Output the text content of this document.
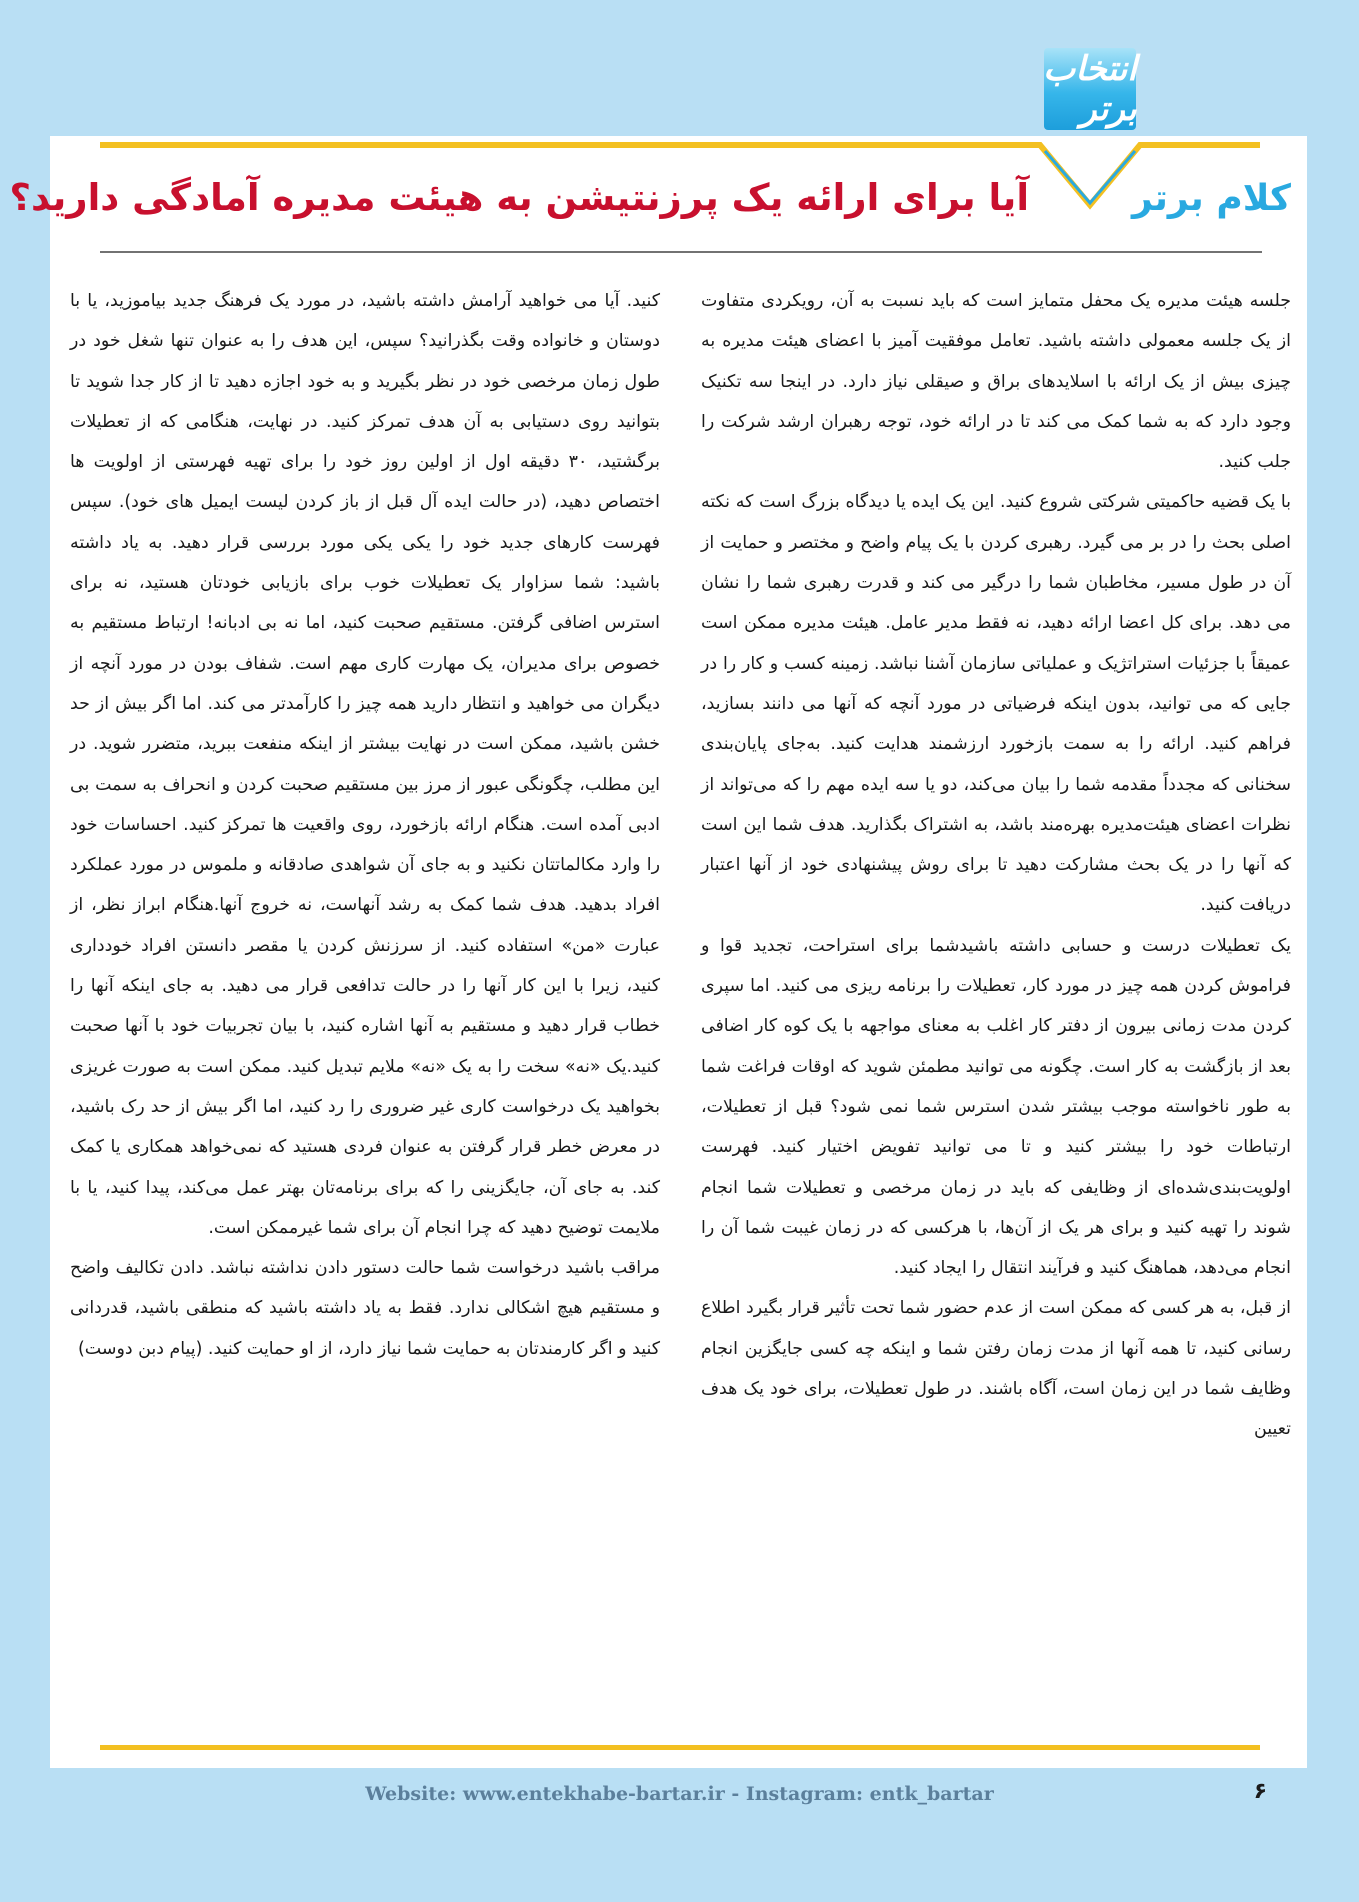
انتخاب برتر
کلام برتر
آیا برای ارائه یک پرزنتیشن به هیئت مدیره آمادگی دارید؟

جلسه هیئت مدیره یک محفل متمایز است که باید نسبت به آن، رویکردی متفاوت از یک جلسه معمولی داشته باشید. تعامل موفقیت آمیز با اعضای هیئت مدیره به چیزی بیش از یک ارائه با اسلایدهای براق و صیقلی نیاز دارد. در اینجا سه تکنیک وجود دارد که به شما کمک می کند تا در ارائه خود، توجه رهبران ارشد شرکت را جلب کنید.

با یک قضیه حاکمیتی شرکتی شروع کنید. این یک ایده یا دیدگاه بزرگ است که نکته اصلی بحث را در بر می گیرد. رهبری کردن با یک پیام واضح و مختصر و حمایت از آن در طول مسیر، مخاطبان شما را درگیر می کند و قدرت رهبری شما را نشان می دهد. برای کل اعضا ارائه دهید، نه فقط مدیر عامل. هیئت مدیره ممکن است عمیقاً با جزئیات استراتژیک و عملیاتی سازمان آشنا نباشد. زمینه کسب و کار را در جایی که می توانید، بدون اینکه فرضیاتی در مورد آنچه که آنها می دانند بسازید، فراهم کنید. ارائه را به سمت بازخورد ارزشمند هدایت کنید. به‌جای پایان‌بندی سخنانی که مجدداً مقدمه شما را بیان می‌کند، دو یا سه ایده مهم را که می‌تواند از نظرات اعضای هیئت‌مدیره بهره‌مند باشد، به اشتراک بگذارید. هدف شما این است که آنها را در یک بحث مشارکت دهید تا برای روش پیشنهادی خود از آنها اعتبار دریافت کنید.

یک تعطیلات درست و حسابی داشته باشیدشما برای استراحت، تجدید قوا و فراموش کردن همه چیز در مورد کار، تعطیلات را برنامه ریزی می کنید. اما سپری کردن مدت زمانی بیرون از دفتر کار اغلب به معنای مواجهه با یک کوه کار اضافی بعد از بازگشت به کار است. چگونه می توانید مطمئن شوید که اوقات فراغت شما به طور ناخواسته موجب بیشتر شدن استرس شما نمی شود؟ قبل از تعطیلات، ارتباطات خود را بیشتر کنید و تا می توانید تفویض اختیار کنید. فهرست اولویت‌بندی‌شده‌ای از وظایفی که باید در زمان مرخصی و تعطیلات شما انجام شوند را تهیه کنید و برای هر یک از آن‌ها، با هرکسی که در زمان غیبت شما آن را انجام می‌دهد، هماهنگ کنید و فرآیند انتقال را ایجاد کنید.

از قبل، به هر کسی که ممکن است از عدم حضور شما تحت تأثیر قرار بگیرد اطلاع رسانی کنید، تا همه آنها از مدت زمان رفتن شما و اینکه چه کسی جایگزین انجام وظایف شما در این زمان است، آگاه باشند. در طول تعطیلات، برای خود یک هدف تعیین

کنید. آیا می خواهید آرامش داشته باشید، در مورد یک فرهنگ جدید بیاموزید، یا با دوستان و خانواده وقت بگذرانید؟ سپس، این هدف را به عنوان تنها شغل خود در طول زمان مرخصی خود در نظر بگیرید و به خود اجازه دهید تا از کار جدا شوید تا بتوانید روی دستیابی به آن هدف تمرکز کنید. در نهایت، هنگامی که از تعطیلات برگشتید، ۳۰ دقیقه اول از اولین روز خود را برای تهیه فهرستی از اولویت ها اختصاص دهید، (در حالت ایده آل قبل از باز کردن لیست ایمیل های خود). سپس فهرست کارهای جدید خود را یکی یکی مورد بررسی قرار دهید. به یاد داشته باشید: شما سزاوار یک تعطیلات خوب برای بازیابی خودتان هستید، نه برای استرس اضافی گرفتن. مستقیم صحبت کنید، اما نه بی ادبانه! ارتباط مستقیم به خصوص برای مدیران، یک مهارت کاری مهم است. شفاف بودن در مورد آنچه از دیگران می خواهید و انتظار دارید همه چیز را کارآمدتر می کند. اما اگر بیش از حد خشن باشید، ممکن است در نهایت بیشتر از اینکه منفعت ببرید، متضرر شوید. در این مطلب، چگونگی عبور از مرز بین مستقیم صحبت کردن و انحراف به سمت بی ادبی آمده است. هنگام ارائه بازخورد، روی واقعیت ها تمرکز کنید. احساسات خود را وارد مکالماتتان نکنید و به جای آن شواهدی صادقانه و ملموس در مورد عملکرد افراد بدهید. هدف شما کمک به رشد آنهاست، نه خروج آنها.هنگام ابراز نظر، از عبارت «من» استفاده کنید. از سرزنش کردن یا مقصر دانستن افراد خودداری کنید، زیرا با این کار آنها را در حالت تدافعی قرار می دهید. به جای اینکه آنها را خطاب قرار دهید و مستقیم به آنها اشاره کنید، با بیان تجربیات خود با آنها صحبت کنید.یک «نه» سخت را به یک «نه» ملایم تبدیل کنید. ممکن است به صورت غریزی بخواهید یک درخواست کاری غیر ضروری را رد کنید، اما اگر بیش از حد رک باشید، در معرض خطر قرار گرفتن به عنوان فردی هستید که نمی‌خواهد همکاری یا کمک کند. به جای آن، جایگزینی را که برای برنامه‌تان بهتر عمل می‌کند، پیدا کنید، یا با ملایمت توضیح دهید که چرا انجام آن برای شما غیرممکن است.

مراقب باشید درخواست شما حالت دستور دادن نداشته نباشد. دادن تکالیف واضح و مستقیم هیچ اشکالی ندارد. فقط به یاد داشته باشید که منطقی باشید، قدردانی کنید و اگر کارمندتان به حمایت شما نیاز دارد، از او حمایت کنید. (پیام دبن دوست)

Website: www.entekhabe-bartar.ir - Instagram: entk_bartar	۶
